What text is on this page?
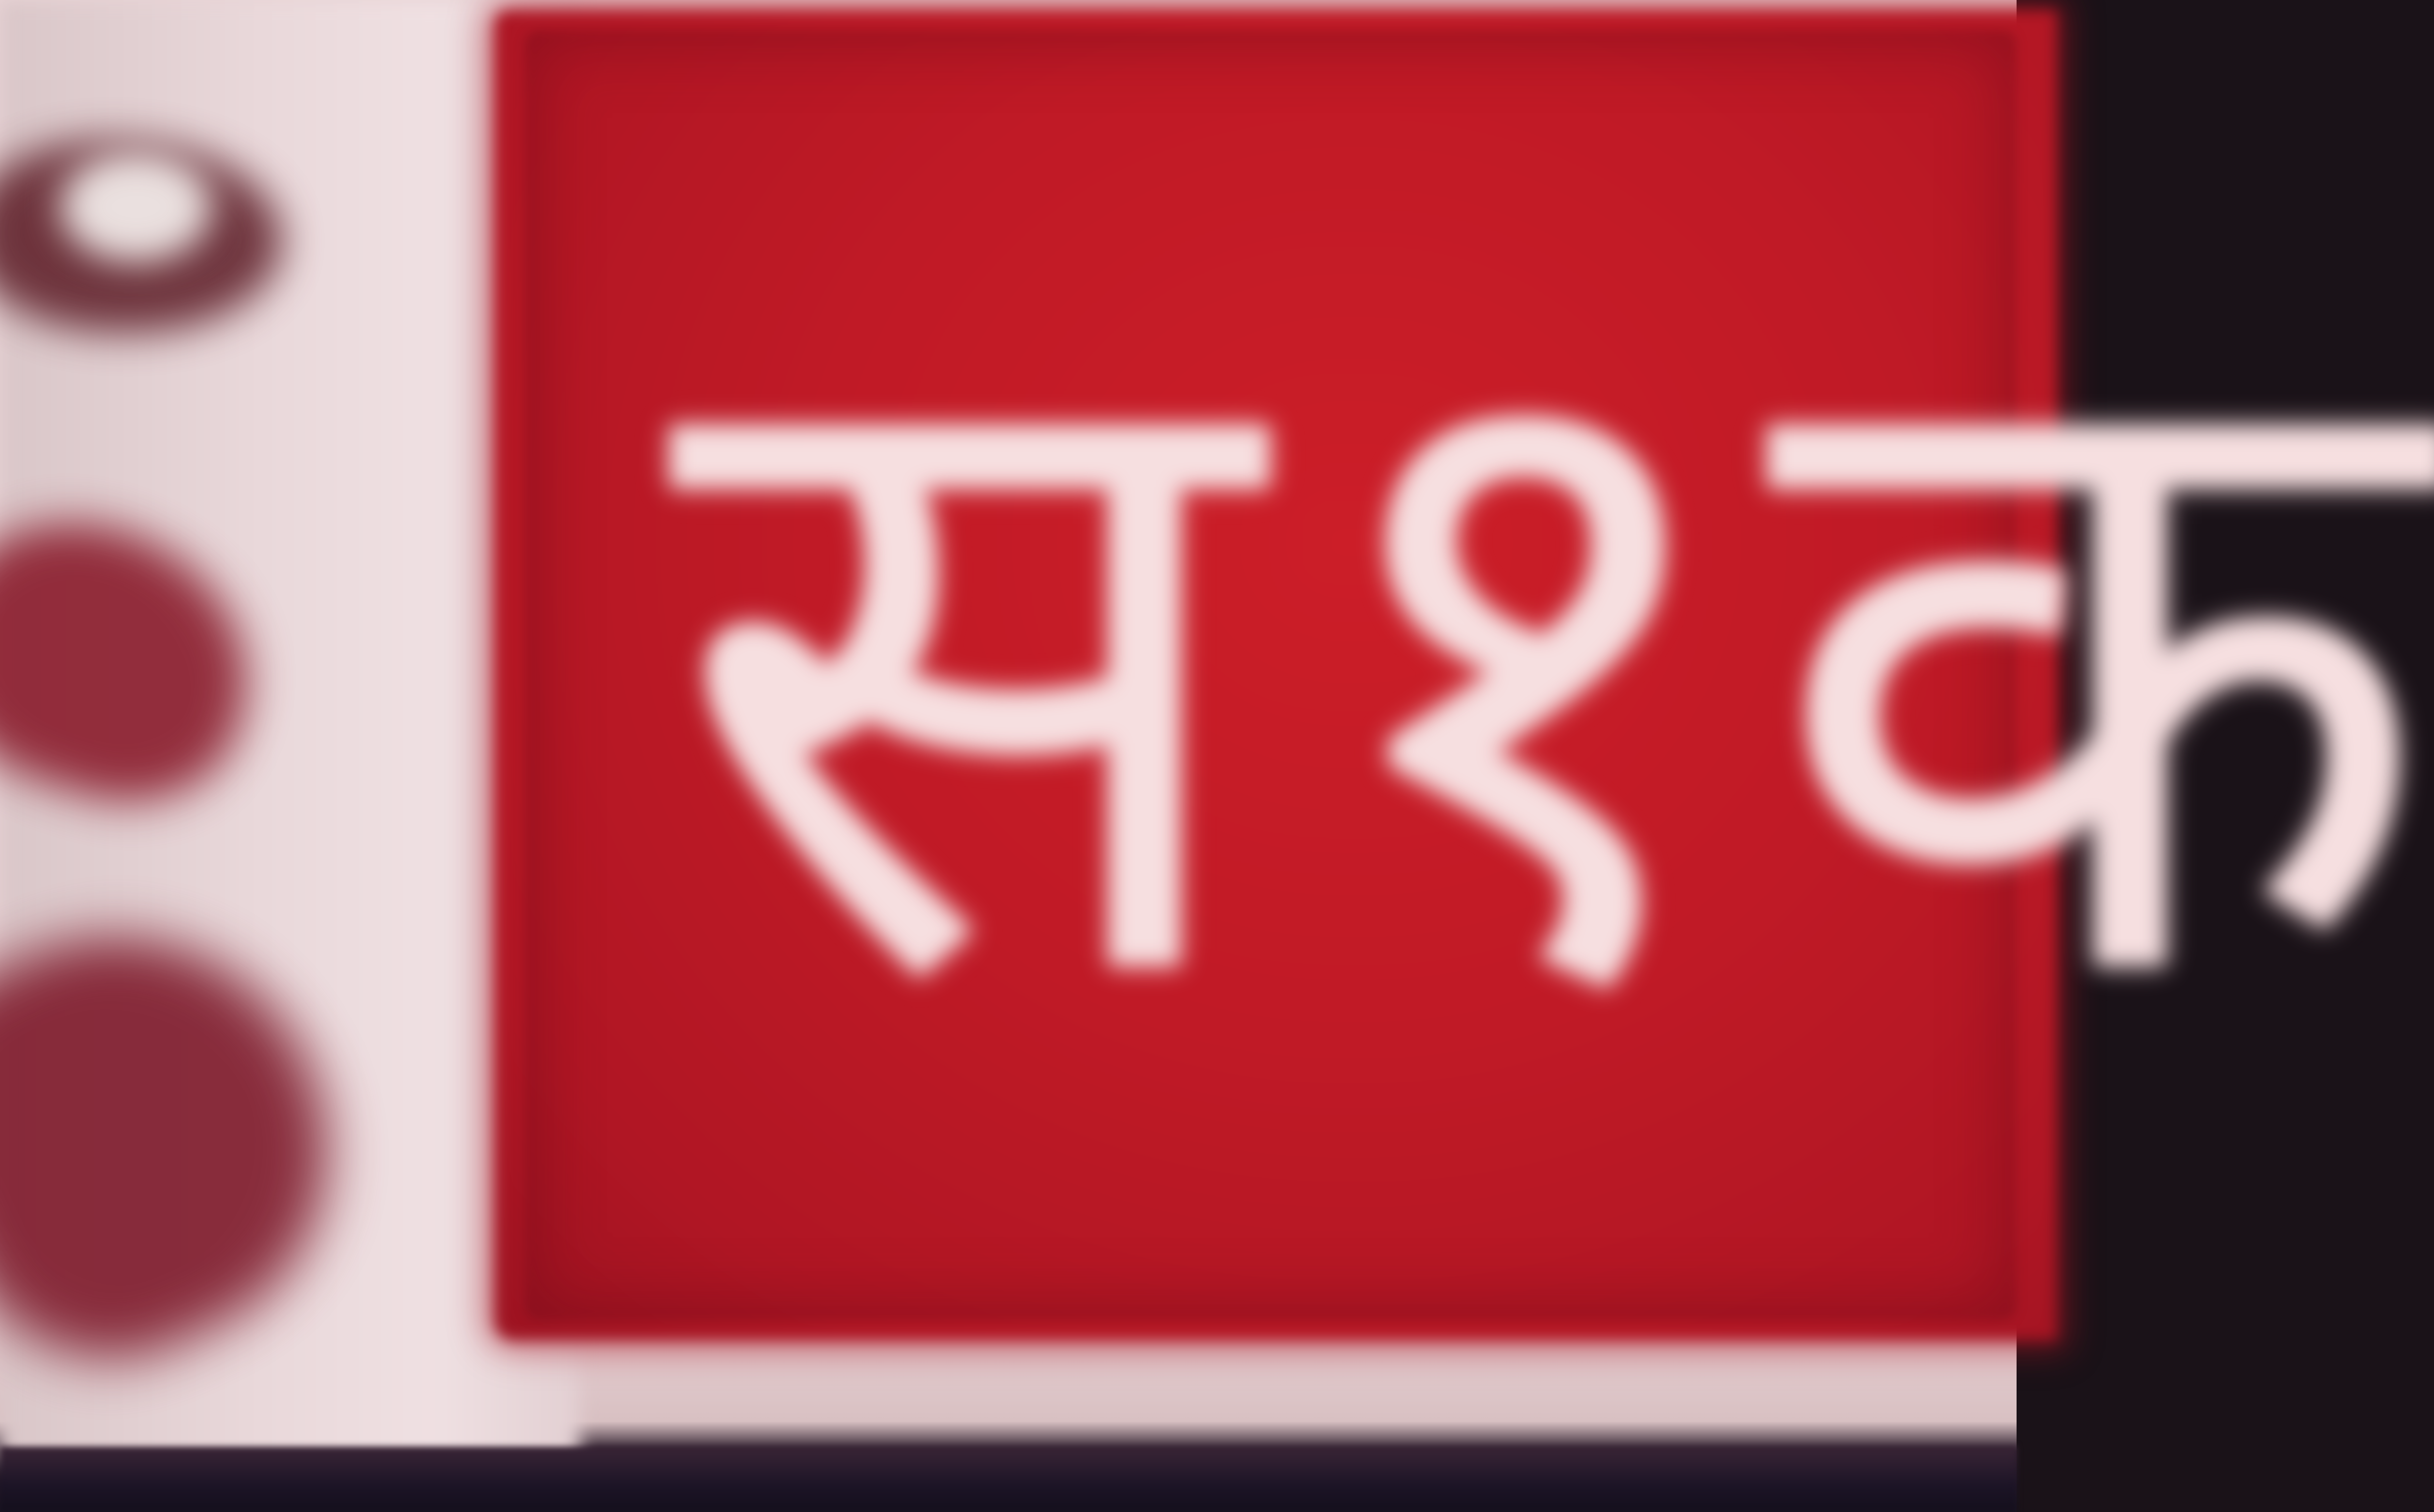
स १ क
